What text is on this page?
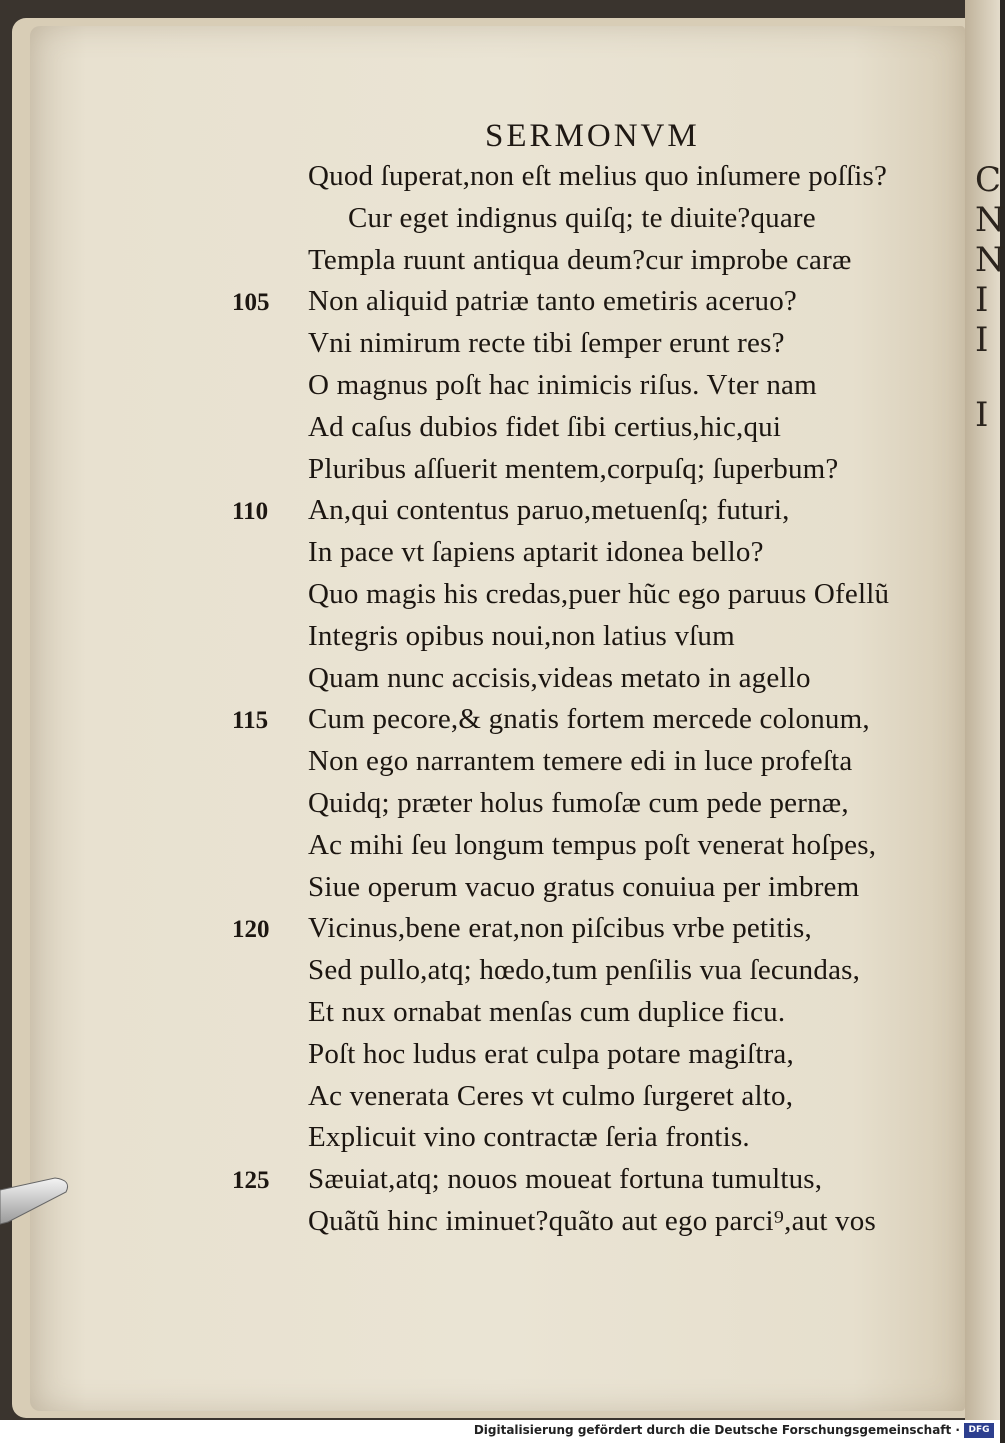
C
N
N
I
I
I
SERMONVM
Quod ſuperat,non eſt melius quo inſumere poſſis?
Cur eget indignus quiſq; te diuite?quare
Templa ruunt antiqua deum?cur improbe caræ
Non aliquid patriæ tanto emetiris aceruo?
105
Vni nimirum recte tibi ſemper erunt res?
O magnus poſt hac inimicis riſus. Vter nam
Ad caſus dubios fidet ſibi certius,hic,qui
Pluribus aſſuerit mentem,corpuſq; ſuperbum?
An,qui contentus paruo,metuenſq; futuri,
110
In pace vt ſapiens aptarit idonea bello?
Quo magis his credas,puer hũc ego paruus Ofellũ
Integris opibus noui,non latius vſum
Quam nunc accisis,videas metato in agello
Cum pecore,& gnatis fortem mercede colonum,
115
Non ego narrantem temere edi in luce profeſta
Quidq; præter holus fumoſæ cum pede pernæ,
Ac mihi ſeu longum tempus poſt venerat hoſpes,
Siue operum vacuo gratus conuiua per imbrem
Vicinus,bene erat,non piſcibus vrbe petitis,
120
Sed pullo,atq; hœdo,tum penſilis vua ſecundas,
Et nux ornabat menſas cum duplice ficu.
Poſt hoc ludus erat culpa potare magiſtra,
Ac venerata Ceres vt culmo ſurgeret alto,
Explicuit vino contractæ ſeria frontis.
Sæuiat,atq; nouos moueat fortuna tumultus,
125
Quãtũ hinc iminuet?quãto aut ego parci⁹,aut vos
Digitalisierung gefördert durch die Deutsche Forschungsgemeinschaft · DFG
